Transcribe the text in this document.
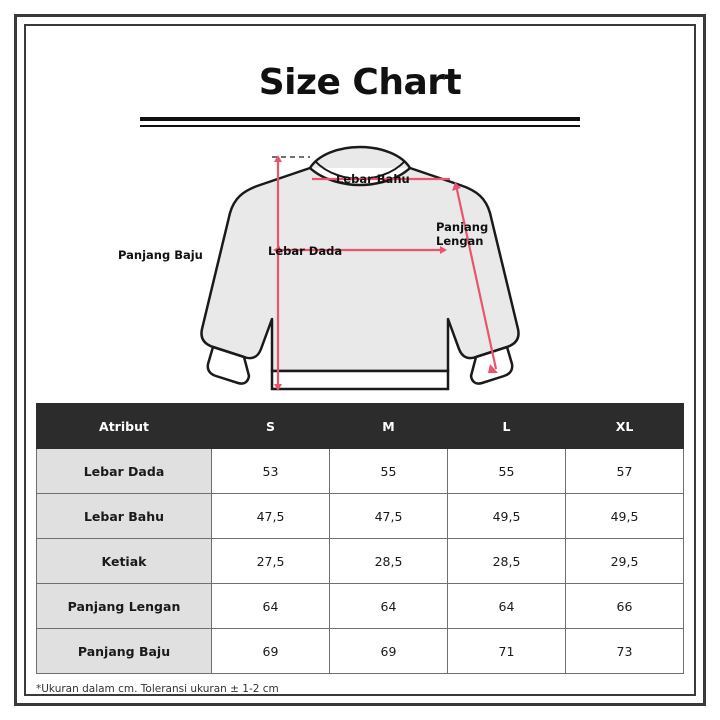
Size Chart
Panjang Baju
Lebar Bahu
Lebar Dada
Panjang
Lengan
Atribut	S	M	L	XL
Lebar Dada	53	55	55	57
Lebar Bahu	47,5	47,5	49,5	49,5
Ketiak	27,5	28,5	28,5	29,5
Panjang Lengan	64	64	64	66
Panjang Baju	69	69	71	73
*Ukuran dalam cm. Toleransi ukuran ± 1-2 cm
